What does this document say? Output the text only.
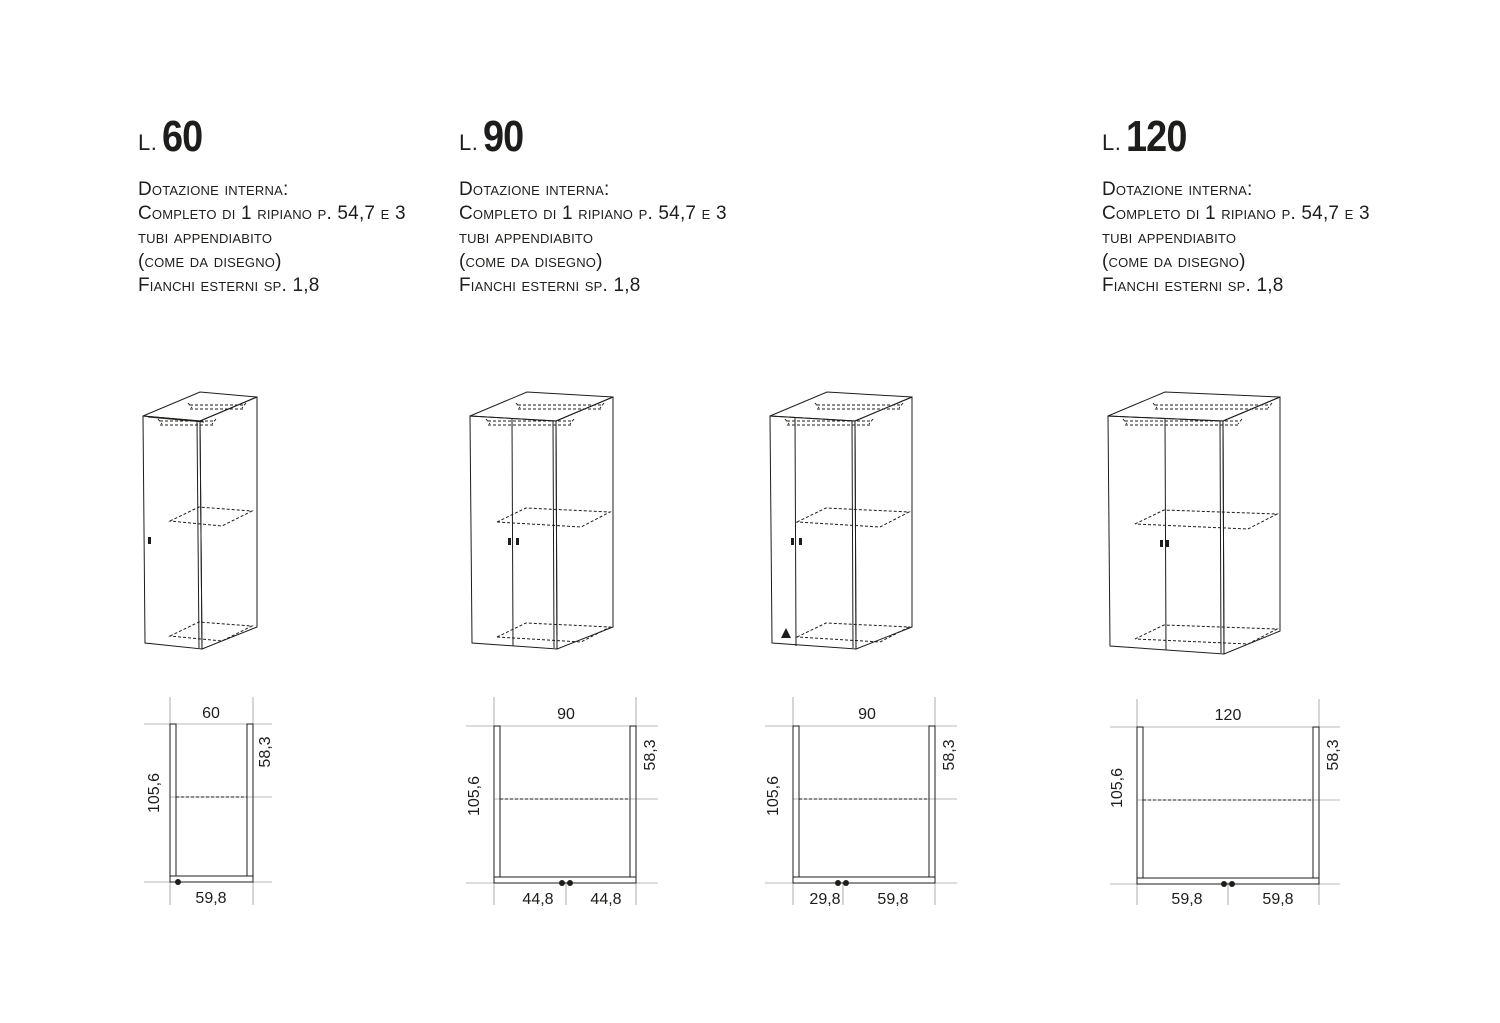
L. 60
Dotazione interna:
Completo di 1 ripiano p. 54,7 e 3
tubi appendiabito
(come da disegno)
Fianchi esterni sp. 1,8
L. 90
Dotazione interna:
Completo di 1 ripiano p. 54,7 e 3
tubi appendiabito
(come da disegno)
Fianchi esterni sp. 1,8
L. 120
Dotazione interna:
Completo di 1 ripiano p. 54,7 e 3
tubi appendiabito
(come da disegno)
Fianchi esterni sp. 1,8
60
105,6
58,3
59,8
90
105,6
58,3
44,8 44,8
90
105,6
58,3
29,8 59,8
120
105,6
58,3
59,8	59,8
